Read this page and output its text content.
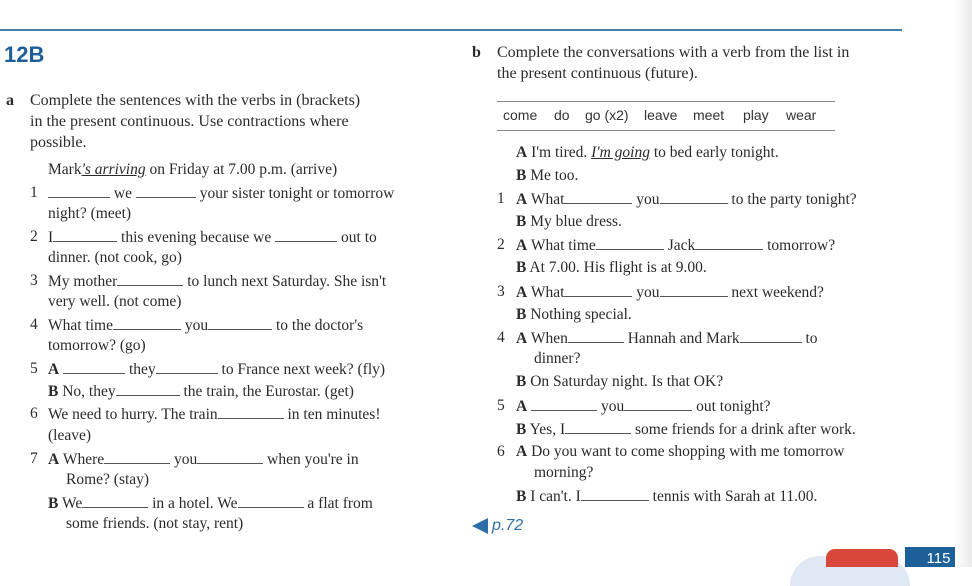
12B
a	Complete the sentences with the verbs in (brackets)
in the present continuous. Use contractions where
possible.
Mark's arriving on Friday at 7.00 p.m. (arrive)
1	we	your sister tonight or tomorrow
night? (meet)
2 I	this evening because we	out to
dinner. (not cook, go)
3 My mother	to lunch next Saturday. She isn't
very well. (not come)
4 What time	you	to the doctor's
tomorrow? (go)
5 A	they	to France next week? (fly)
B No, they	the train, the Eurostar. (get)
6 We need to hurry. The train	in ten minutes!
(leave)
7 A Where	you	when you're in
Rome? (stay)
B We	in a hotel. We	a flat from
some friends. (not stay, rent)
b	Complete the conversations with a verb from the list in
the present continuous (future).
come do go (x2) leave meet play wear
A I'm tired. I'm going to bed early tonight.
B Me too.
1 A What	you	to the party tonight?
B My blue dress.
2 A What time	Jack	tomorrow?
B At 7.00. His flight is at 9.00.
3 A What	you	next weekend?
B Nothing special.
4 A When	Hannah and Mark	to
dinner?
B On Saturday night. Is that OK?
5 A	you	out tonight?
B Yes, I	some friends for a drink after work.
6 A Do you want to come shopping with me tomorrow
morning?
B I can't. I	tennis with Sarah at 11.00.
p.72
115
